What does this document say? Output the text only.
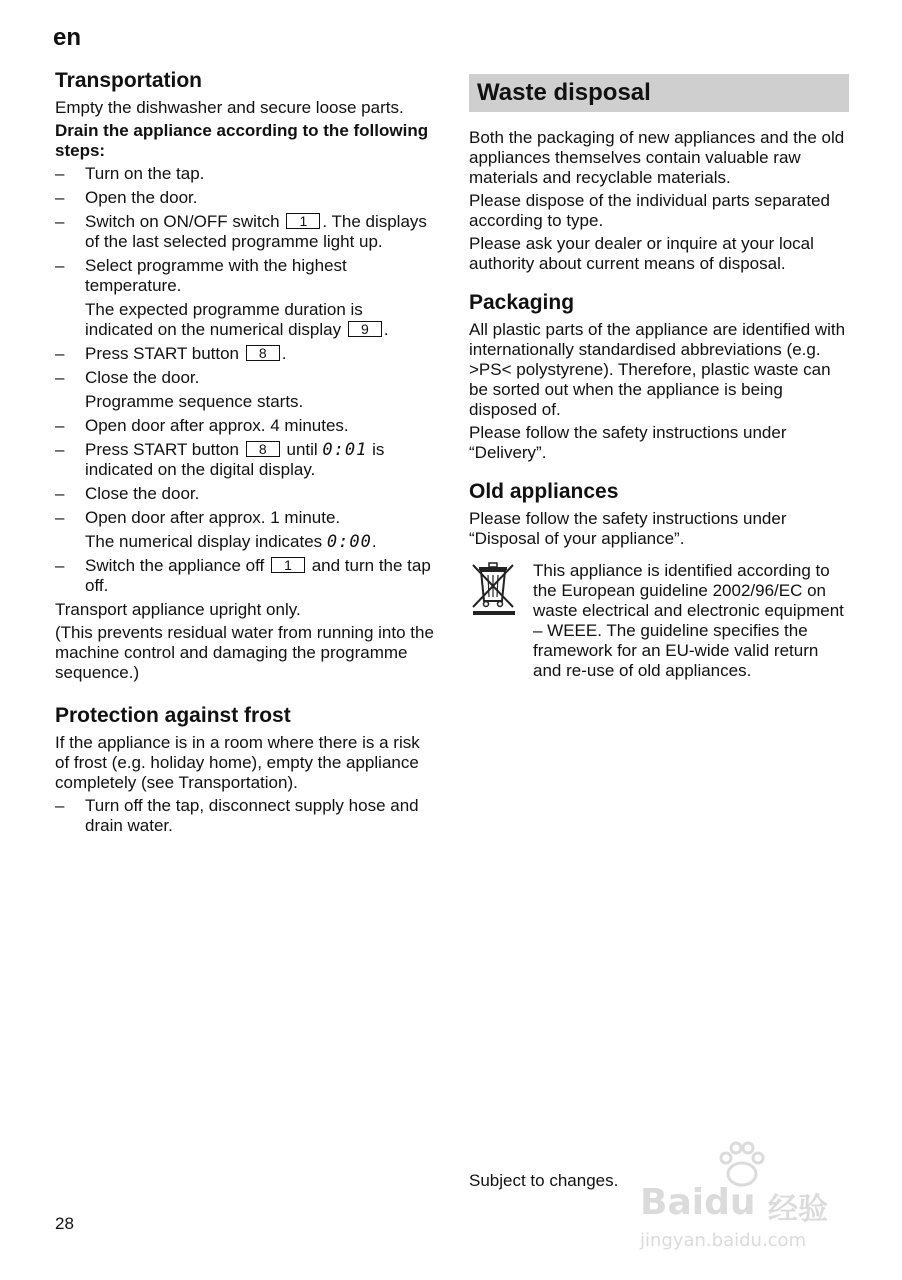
en
Transportation

Empty the dishwasher and secure loose parts.

Drain the appliance according to the following steps:

– Turn on the tap.
– Open the door.
– Switch on ON/OFF switch 1 . The displays of the last selected programme light up.
– Select programme with the highest temperature.

The expected programme duration is indicated on the numerical display 9 .

– Press START button 8 .
– Close the door.

Programme sequence starts.

– Open door after approx. 4 minutes.
– Press START button 8 until 0:01 is indicated on the digital display.
– Close the door.
– Open door after approx. 1 minute.

The numerical display indicates 0:00.

– Switch the appliance off 1 and turn the tap off.

Transport appliance upright only.

(This prevents residual water from running into the machine control and damaging the programme sequence.)

Protection against frost

If the appliance is in a room where there is a risk of frost (e.g. holiday home), empty the appliance completely (see Transportation).

– Turn off the tap, disconnect supply hose and drain water.
Waste disposal

Both the packaging of new appliances and the old appliances themselves contain valuable raw materials and recyclable materials.

Please dispose of the individual parts separated according to type.

Please ask your dealer or inquire at your local authority about current means of disposal.

Packaging

All plastic parts of the appliance are identified with internationally standardised abbreviations (e.g. >PS< polystyrene). Therefore, plastic waste can be sorted out when the appliance is being disposed of.

Please follow the safety instructions under “Delivery”.

Old appliances

Please follow the safety instructions under “Disposal of your appliance”.

This appliance is identified according to the European guideline 2002/96/EC on waste electrical and electronic equipment – WEEE. The guideline specifies the framework for an EU-wide valid return and re-use of old appliances.

Subject to changes.
28
Baidu 经验
jingyan.baidu.com
